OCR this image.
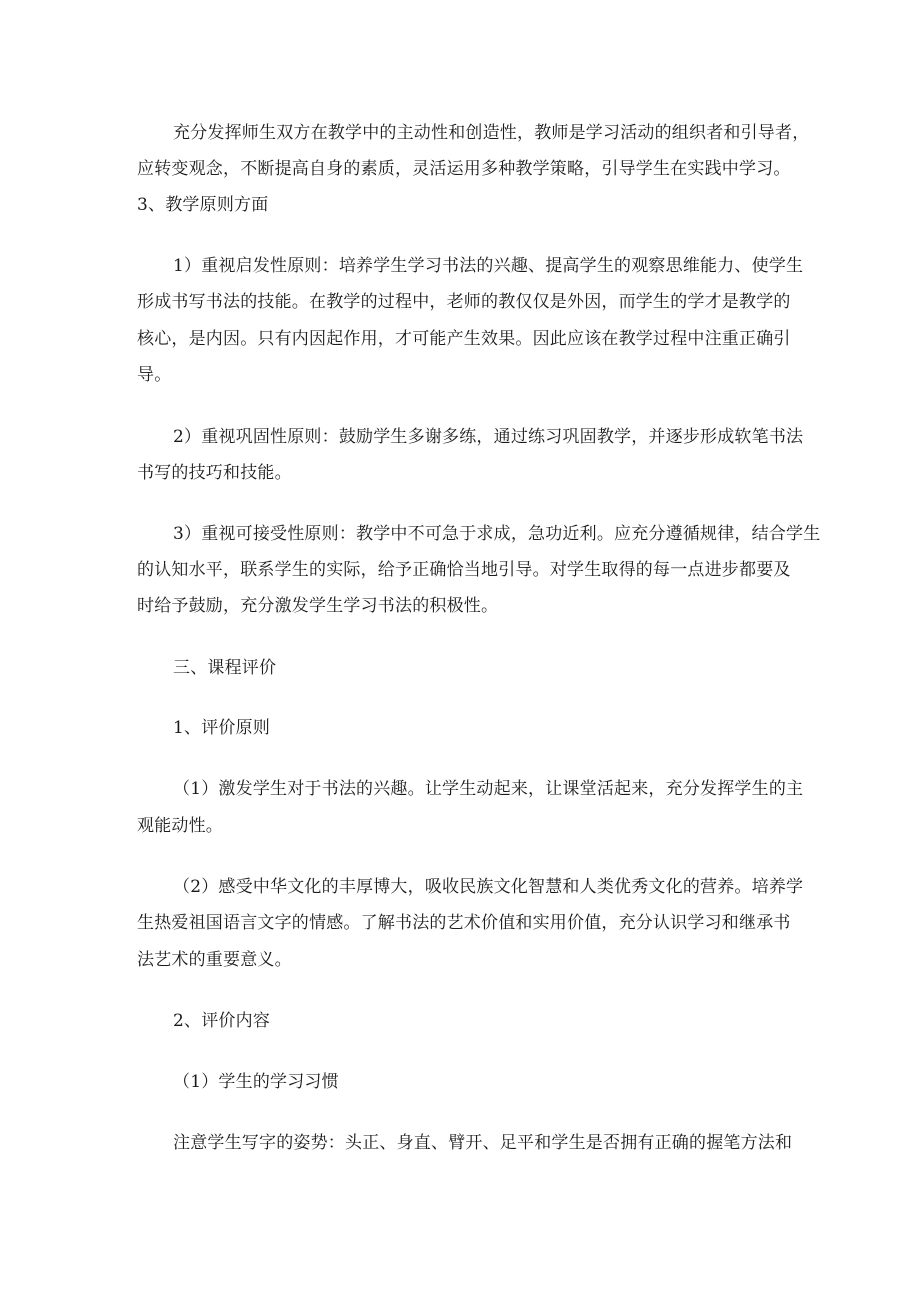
充分发挥师生双方在教学中的主动性和创造性，教师是学习活动的组织者和引导者，
应转变观念，不断提高自身的素质，灵活运用多种教学策略，引导学生在实践中学习。
3、教学原则方面
1）重视启发性原则：培养学生学习书法的兴趣、提高学生的观察思维能力、使学生
形成书写书法的技能。在教学的过程中，老师的教仅仅是外因，而学生的学才是教学的
核心，是内因。只有内因起作用，才可能产生效果。因此应该在教学过程中注重正确引
导。
2）重视巩固性原则：鼓励学生多谢多练，通过练习巩固教学，并逐步形成软笔书法
书写的技巧和技能。
3）重视可接受性原则：教学中不可急于求成，急功近利。应充分遵循规律，结合学生
的认知水平，联系学生的实际，给予正确恰当地引导。对学生取得的每一点进步都要及
时给予鼓励，充分激发学生学习书法的积极性。
三、课程评价
1、评价原则
（1）激发学生对于书法的兴趣。让学生动起来，让课堂活起来，充分发挥学生的主
观能动性。
（2）感受中华文化的丰厚博大，吸收民族文化智慧和人类优秀文化的营养。培养学
生热爱祖国语言文字的情感。了解书法的艺术价值和实用价值，充分认识学习和继承书
法艺术的重要意义。
2、评价内容
（1）学生的学习习惯
注意学生写字的姿势：头正、身直、臂开、足平和学生是否拥有正确的握笔方法和
